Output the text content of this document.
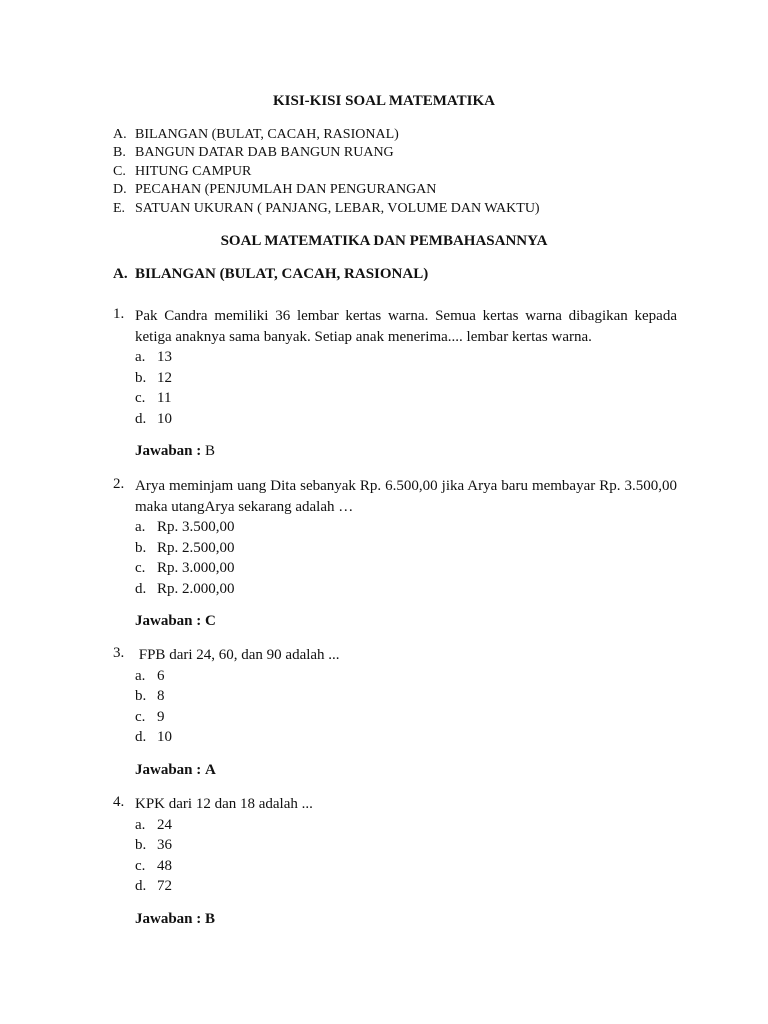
KISI-KISI SOAL MATEMATIKA
A. BILANGAN (BULAT, CACAH, RASIONAL)
B. BANGUN DATAR DAB BANGUN RUANG
C. HITUNG CAMPUR
D. PECAHAN (PENJUMLAH DAN PENGURANGAN
E. SATUAN UKURAN ( PANJANG, LEBAR, VOLUME DAN WAKTU)
SOAL MATEMATIKA DAN PEMBAHASANNYA
A. BILANGAN (BULAT, CACAH, RASIONAL)
1. Pak Candra memiliki 36 lembar kertas warna. Semua kertas warna dibagikan kepada ketiga anaknya sama banyak. Setiap anak menerima.... lembar kertas warna.
a. 13
b. 12
c. 11
d. 10
Jawaban : B
2. Arya meminjam uang Dita sebanyak Rp. 6.500,00 jika Arya baru membayar Rp. 3.500,00 maka utangArya sekarang adalah …
a. Rp. 3.500,00
b. Rp. 2.500,00
c. Rp. 3.000,00
d. Rp. 2.000,00
Jawaban : C
3. FPB dari 24, 60, dan 90 adalah ...
a. 6
b. 8
c. 9
d. 10
Jawaban : A
4. KPK dari 12 dan 18 adalah ...
a. 24
b. 36
c. 48
d. 72
Jawaban : B
